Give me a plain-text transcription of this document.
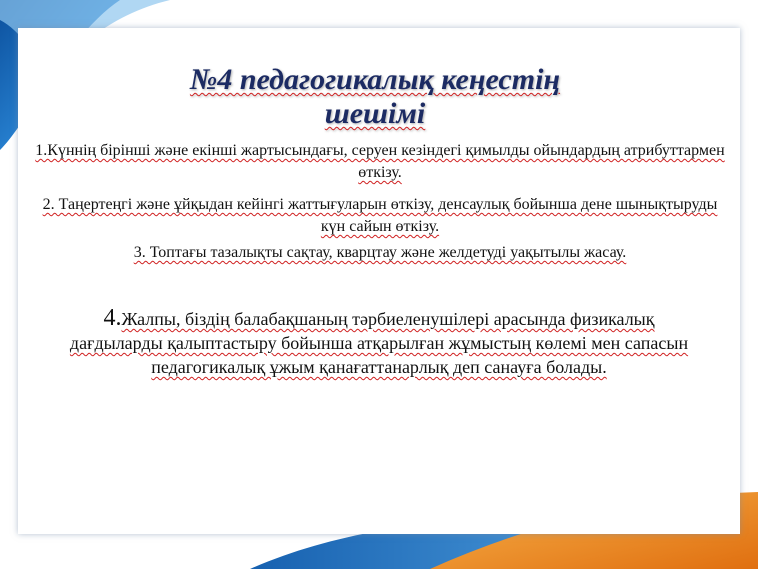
№4 педагогикалық кеңестің
шешімі
1.Күннің бірінші және екінші жартысындағы, серуен кезіндегі қимылды ойындардың атрибуттармен өткізу.
2. Таңертеңгі және ұйқыдан кейінгі жаттығуларын өткізу, денсаулық бойынша дене шынықтыруды күн сайын өткізу.
3. Топтағы тазалықты сақтау, кварцтау және желдетуді уақытылы жасау.
4.Жалпы, біздің балабақшаның тәрбиеленушілері арасында физикалық дағдыларды қалыптастыру бойынша атқарылған жұмыстың көлемі мен сапасын педагогикалық ұжым қанағаттанарлық деп санауға болады.
